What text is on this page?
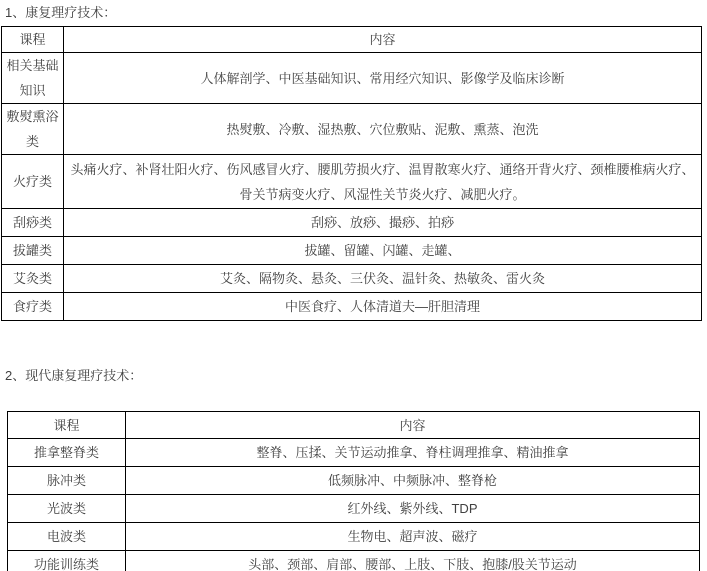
1、康复理疗技术：
课程	内容
相关基础知识	人体解剖学、中医基础知识、常用经穴知识、影像学及临床诊断
敷熨熏浴类	热熨敷、冷敷、湿热敷、穴位敷贴、泥敷、熏蒸、泡洗
火疗类	头痛火疗、补肾壮阳火疗、伤风感冒火疗、腰肌劳损火疗、温胃散寒火疗、通络开背火疗、颈椎腰椎病火疗、骨关节病变火疗、风湿性关节炎火疗、减肥火疗。
刮痧类	刮痧、放痧、撮痧、拍痧
拔罐类	拔罐、留罐、闪罐、走罐、
艾灸类	艾灸、隔物灸、悬灸、三伏灸、温针灸、热敏灸、雷火灸
食疗类	中医食疗、人体清道夫—肝胆清理
2、现代康复理疗技术：
课程	内容
推拿整脊类	整脊、压揉、关节运动推拿、脊柱调理推拿、精油推拿
脉冲类	低频脉冲、中频脉冲、整脊枪
光波类	红外线、紫外线、TDP
电波类	生物电、超声波、磁疗
功能训练类	头部、颈部、肩部、腰部、上肢、下肢、抱膝/股关节运动
